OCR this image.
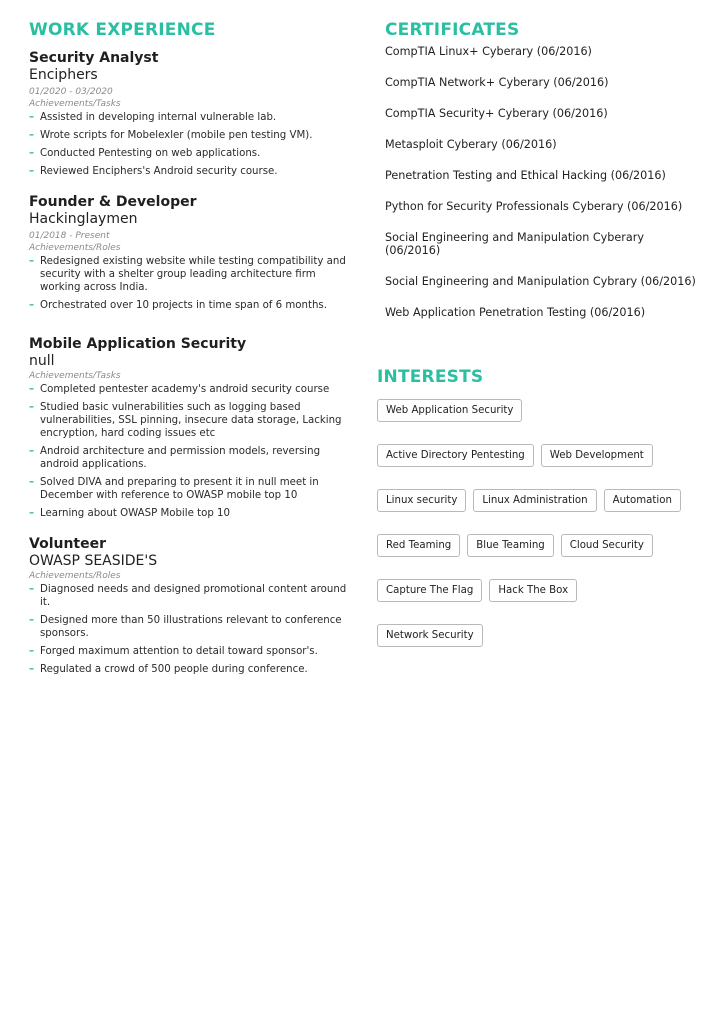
WORK EXPERIENCE
Security Analyst
Enciphers
01/2020 - 03/2020
Achievements/Tasks
– Assisted in developing internal vulnerable lab.
– Wrote scripts for Mobelexler (mobile pen testing VM).
– Conducted Pentesting on web applications.
– Reviewed Enciphers's Android security course.
Founder & Developer
Hackinglaymen
01/2018 - Present
Achievements/Roles
– Redesigned existing website while testing compatibility and security with a shelter group leading architecture firm working across India.
– Orchestrated over 10 projects in time span of 6 months.
Mobile Application Security
null
Achievements/Tasks
– Completed pentester academy's android security course
– Studied basic vulnerabilities such as logging based vulnerabilities, SSL pinning, insecure data storage, Lacking encryption, hard coding issues etc
– Android architecture and permission models, reversing android applications.
– Solved DIVA and preparing to present it in null meet in December with reference to OWASP mobile top 10
– Learning about OWASP Mobile top 10
Volunteer
OWASP SEASIDE'S
Achievements/Roles
– Diagnosed needs and designed promotional content around it.
– Designed more than 50 illustrations relevant to conference sponsors.
– Forged maximum attention to detail toward sponsor's.
– Regulated a crowd of 500 people during conference.
CERTIFICATES
CompTIA Linux+ Cyberary (06/2016)
CompTIA Network+ Cyberary (06/2016)
CompTIA Security+ Cyberary (06/2016)
Metasploit Cyberary (06/2016)
Penetration Testing and Ethical Hacking (06/2016)
Python for Security Professionals Cyberary (06/2016)
Social Engineering and Manipulation Cyberary (06/2016)
Social Engineering and Manipulation Cybrary (06/2016)
Web Application Penetration Testing (06/2016)
INTERESTS
Web Application Security
Active Directory Pentesting	Web Development
Linux security	Linux Administration	Automation
Red Teaming	Blue Teaming	Cloud Security
Capture The Flag	Hack The Box
Network Security
